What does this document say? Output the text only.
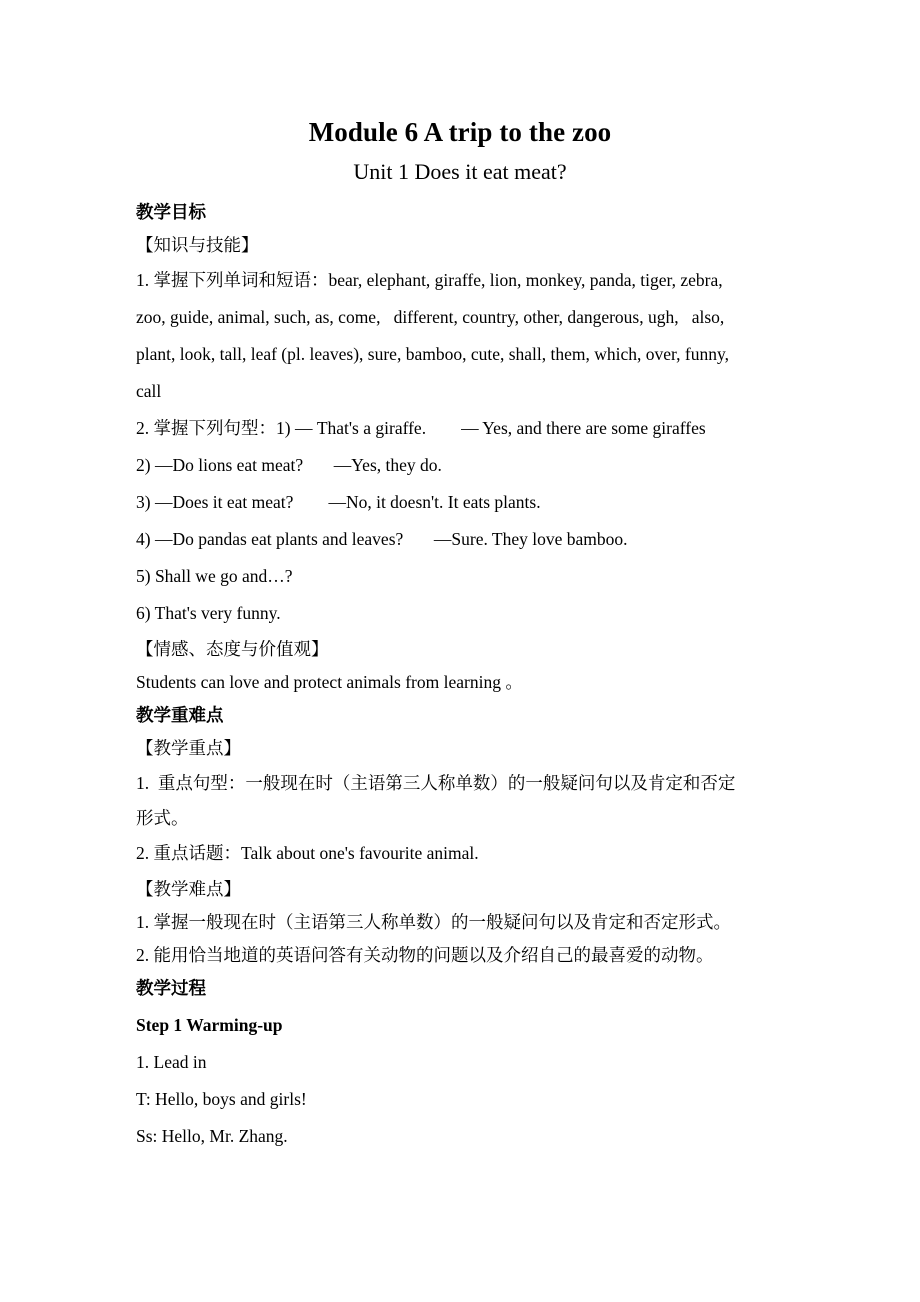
Module 6 A trip to the zoo
Unit 1 Does it eat meat?

教学目标

【知识与技能】

1. 掌握下列单词和短语：bear, elephant, giraffe, lion, monkey, panda, tiger, zebra,

zoo, guide, animal, such, as, come,   different, country, other, dangerous, ugh,   also,

plant, look, tall, leaf (pl. leaves), sure, bamboo, cute, shall, them, which, over, funny,

call

2. 掌握下列句型：1) — That's a giraffe.        — Yes, and there are some giraffes

2) —Do lions eat meat?       —Yes, they do.

3) —Does it eat meat?        —No, it doesn't. It eats plants.

4) —Do pandas eat plants and leaves?       —Sure. They love bamboo.

5) Shall we go and…?

6) That's very funny.

【情感、态度与价值观】

Students can love and protect animals from learning 。

教学重难点

【教学重点】

1.  重点句型：一般现在时（主语第三人称单数）的一般疑问句以及肯定和否定

形式。

2. 重点话题：Talk about one's favourite animal.

【教学难点】

1. 掌握一般现在时（主语第三人称单数）的一般疑问句以及肯定和否定形式。

2. 能用恰当地道的英语问答有关动物的问题以及介绍自己的最喜爱的动物。

教学过程

Step 1 Warming-up

1. Lead in

T: Hello, boys and girls!

Ss: Hello, Mr. Zhang.
